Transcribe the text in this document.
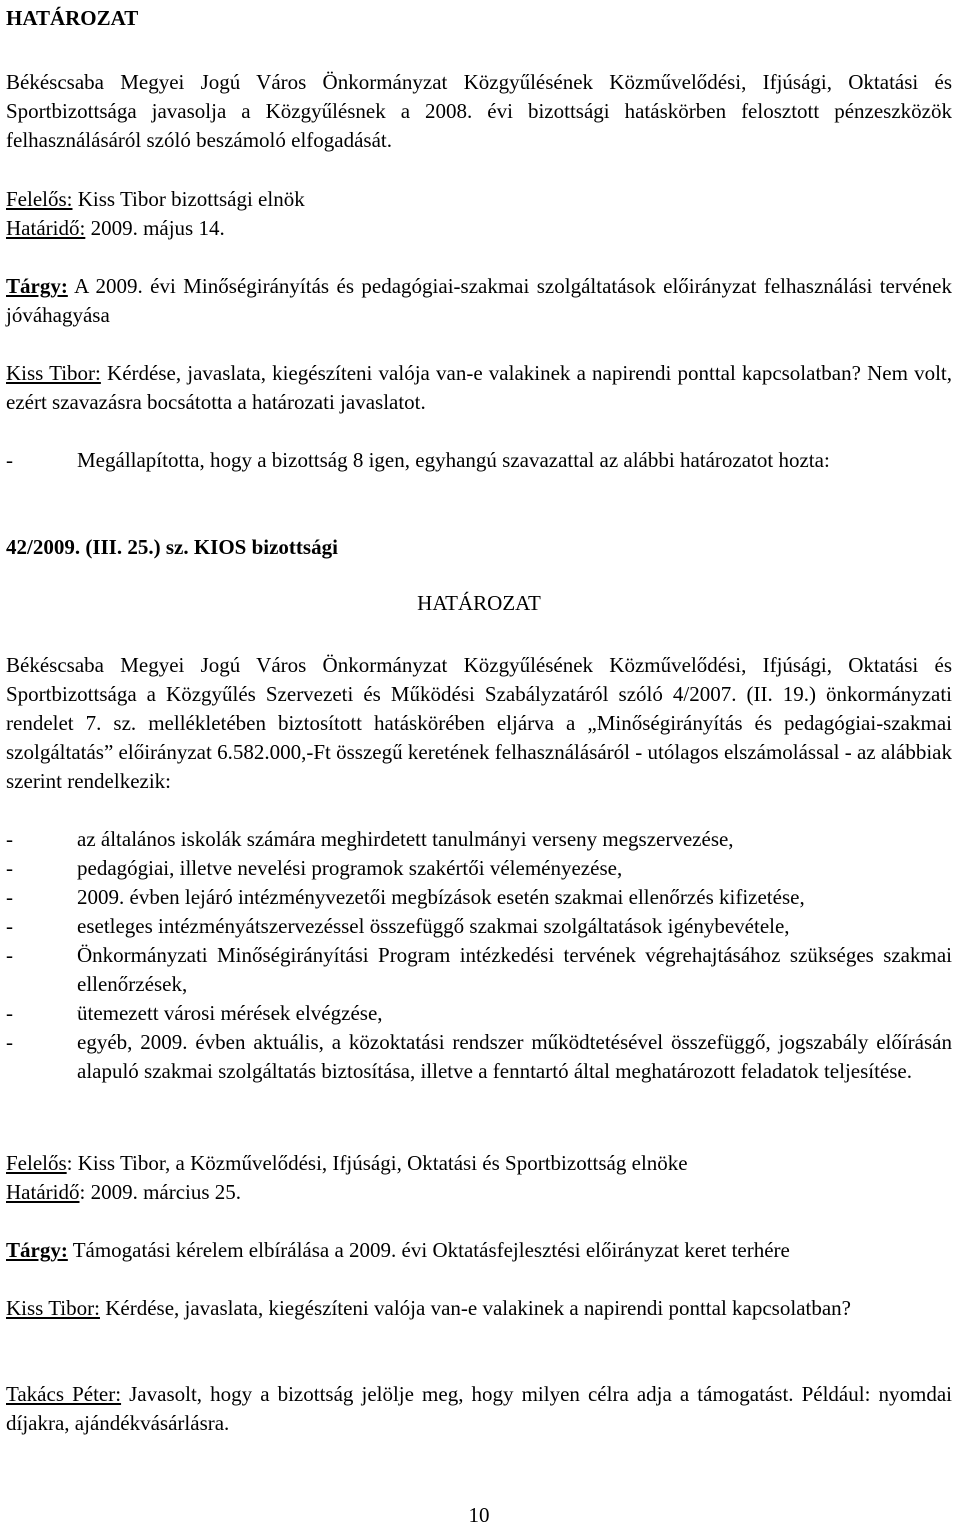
HATÁROZAT
Békéscsaba Megyei Jogú Város Önkormányzat Közgyűlésének Közművelődési, Ifjúsági, Oktatási és Sportbizottsága javasolja a Közgyűlésnek a 2008. évi bizottsági hatáskörben felosztott pénzeszközök felhasználásáról szóló beszámoló elfogadását.
Felelős: Kiss Tibor bizottsági elnök
Határidő: 2009. május 14.
Tárgy: A 2009. évi Minőségirányítás és pedagógiai-szakmai szolgáltatások előirányzat felhasználási tervének jóváhagyása
Kiss Tibor: Kérdése, javaslata, kiegészíteni valója van-e valakinek a napirendi ponttal kapcsolatban? Nem volt, ezért szavazásra bocsátotta a határozati javaslatot.
- Megállapította, hogy a bizottság 8 igen, egyhangú szavazattal az alábbi határozatot hozta:
42/2009. (III. 25.) sz. KIOS bizottsági
HATÁROZAT
Békéscsaba Megyei Jogú Város Önkormányzat Közgyűlésének Közművelődési, Ifjúsági, Oktatási és Sportbizottsága a Közgyűlés Szervezeti és Működési Szabályzatáról szóló 4/2007. (II. 19.) önkormányzati rendelet 7. sz. mellékletében biztosított hatáskörében eljárva a „Minőségirányítás és pedagógiai-szakmai szolgáltatás” előirányzat 6.582.000,-Ft összegű keretének felhasználásáról - utólagos elszámolással - az alábbiak szerint rendelkezik:
- az általános iskolák számára meghirdetett tanulmányi verseny megszervezése,
- pedagógiai, illetve nevelési programok szakértői véleményezése,
- 2009. évben lejáró intézményvezetői megbízások esetén szakmai ellenőrzés kifizetése,
- esetleges intézményátszervezéssel összefüggő szakmai szolgáltatások igénybevétele,
- Önkormányzati Minőségirányítási Program intézkedési tervének végrehajtásához szükséges szakmai ellenőrzések,
- ütemezett városi mérések elvégzése,
- egyéb, 2009. évben aktuális, a közoktatási rendszer működtetésével összefüggő, jogszabály előírásán alapuló szakmai szolgáltatás biztosítása, illetve a fenntartó által meghatározott feladatok teljesítése.
Felelős: Kiss Tibor, a Közművelődési, Ifjúsági, Oktatási és Sportbizottság elnöke
Határidő: 2009. március 25.
Tárgy: Támogatási kérelem elbírálása a 2009. évi Oktatásfejlesztési előirányzat keret terhére
Kiss Tibor: Kérdése, javaslata, kiegészíteni valója van-e valakinek a napirendi ponttal kapcsolatban?
Takács Péter: Javasolt, hogy a bizottság jelölje meg, hogy milyen célra adja a támogatást. Például: nyomdai díjakra, ajándékvásárlásra.
10
